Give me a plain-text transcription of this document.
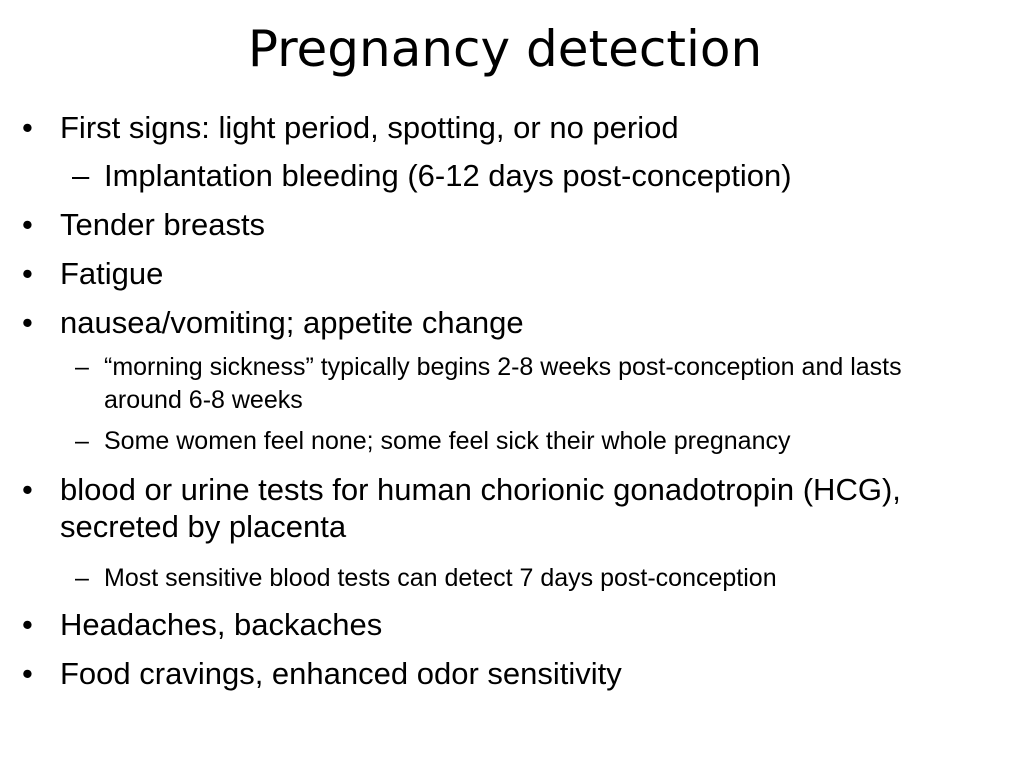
Pregnancy detection
• First signs: light period, spotting, or no period
– Implantation bleeding (6-12 days post-conception)
• Tender breasts
• Fatigue
• nausea/vomiting; appetite change
– “morning sickness” typically begins 2-8 weeks post-conception and lasts around 6-8 weeks
– Some women feel none; some feel sick their whole pregnancy
• blood or urine tests for human chorionic gonadotropin (HCG), secreted by placenta
– Most sensitive blood tests can detect 7 days post-conception
• Headaches, backaches
• Food cravings, enhanced odor sensitivity
